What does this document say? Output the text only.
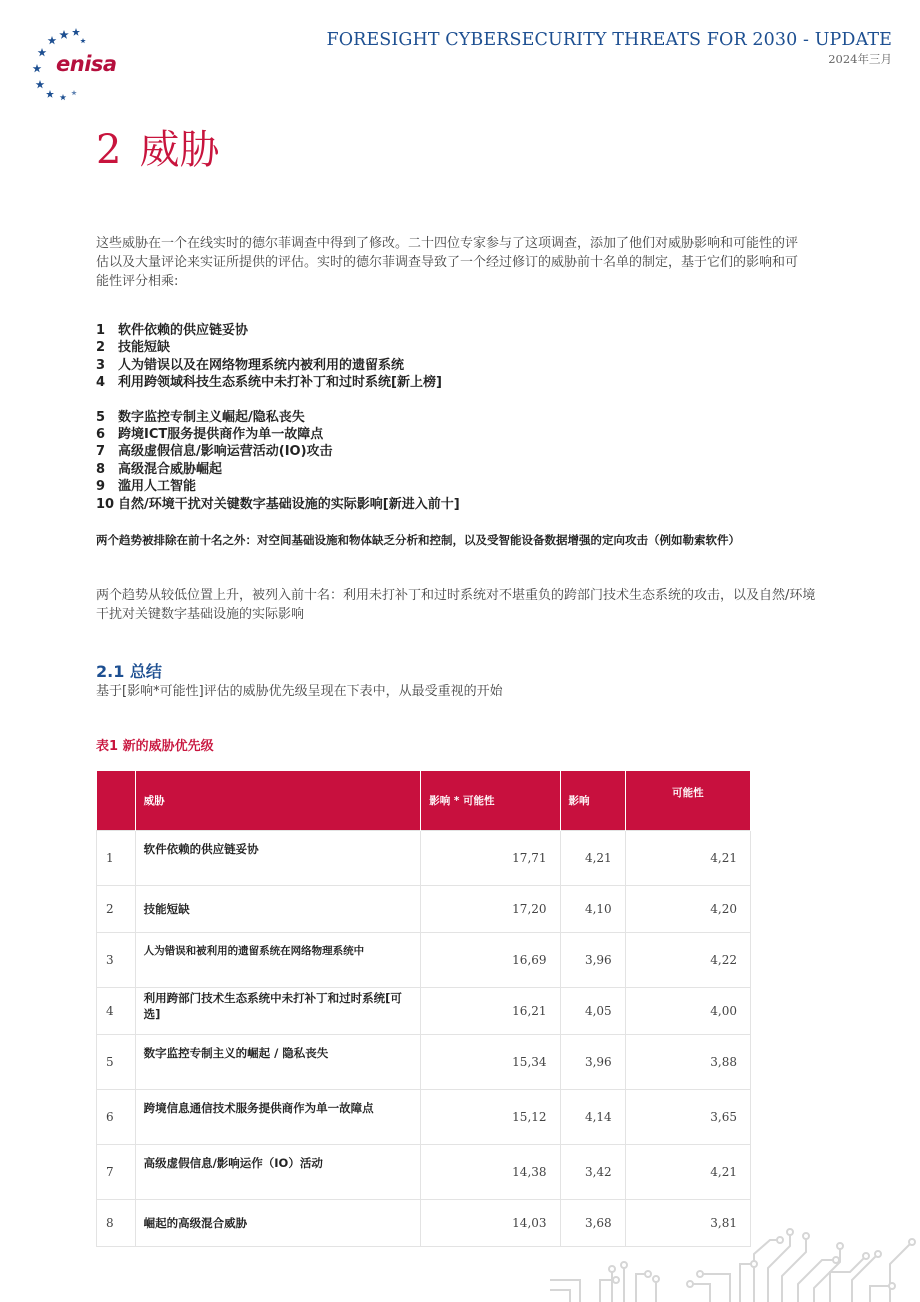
enisa
FORESIGHT CYBERSECURITY THREATS FOR 2030 - UPDATE
2024年三月
2 威胁

这些威胁在一个在线实时的德尔菲调查中得到了修改。二十四位专家参与了这项调查，添加了他们对威胁影响和可能性的评估以及大量评论来实证所提供的评估。实时的德尔菲调查导致了一个经过修订的威胁前十名单的制定，基于它们的影响和可能性评分相乘:

1 软件依赖的供应链妥协
2 技能短缺
3 人为错误以及在网络物理系统内被利用的遗留系统
4 利用跨领域科技生态系统中未打补丁和过时系统[新上榜]
5 数字监控专制主义崛起/隐私丧失
6 跨境ICT服务提供商作为单一故障点
7 高级虚假信息/影响运营活动(IO)攻击
8 高级混合威胁崛起
9 滥用人工智能
10 自然/环境干扰对关键数字基础设施的实际影响[新进入前十]
两个趋势被排除在前十名之外：对空间基础设施和物体缺乏分析和控制，以及受智能设备数据增强的定向攻击（例如勒索软件）

两个趋势从较低位置上升，被列入前十名：利用未打补丁和过时系统对不堪重负的跨部门技术生态系统的攻击，以及自然/环境干扰对关键数字基础设施的实际影响

2.1 总结
基于[影响*可能性]评估的威胁优先级呈现在下表中，从最受重视的开始
表1 新的威胁优先级
	威胁	影响 * 可能性	影响	可能性
1	软件依赖的供应链妥协	17,71	4,21	4,21
2	技能短缺	17,20	4,10	4,20
3	人为错误和被利用的遗留系统在网络物理系统中	16,69	3,96	4,22
4	利用跨部门技术生态系统中未打补丁和过时系统[可选]	16,21	4,05	4,00
5	数字监控专制主义的崛起 / 隐私丧失	15,34	3,96	3,88
6	跨境信息通信技术服务提供商作为单一故障点	15,12	4,14	3,65
7	高级虚假信息/影响运作（IO）活动	14,38	3,42	4,21
8	崛起的高级混合威胁	14,03	3,68	3,81
